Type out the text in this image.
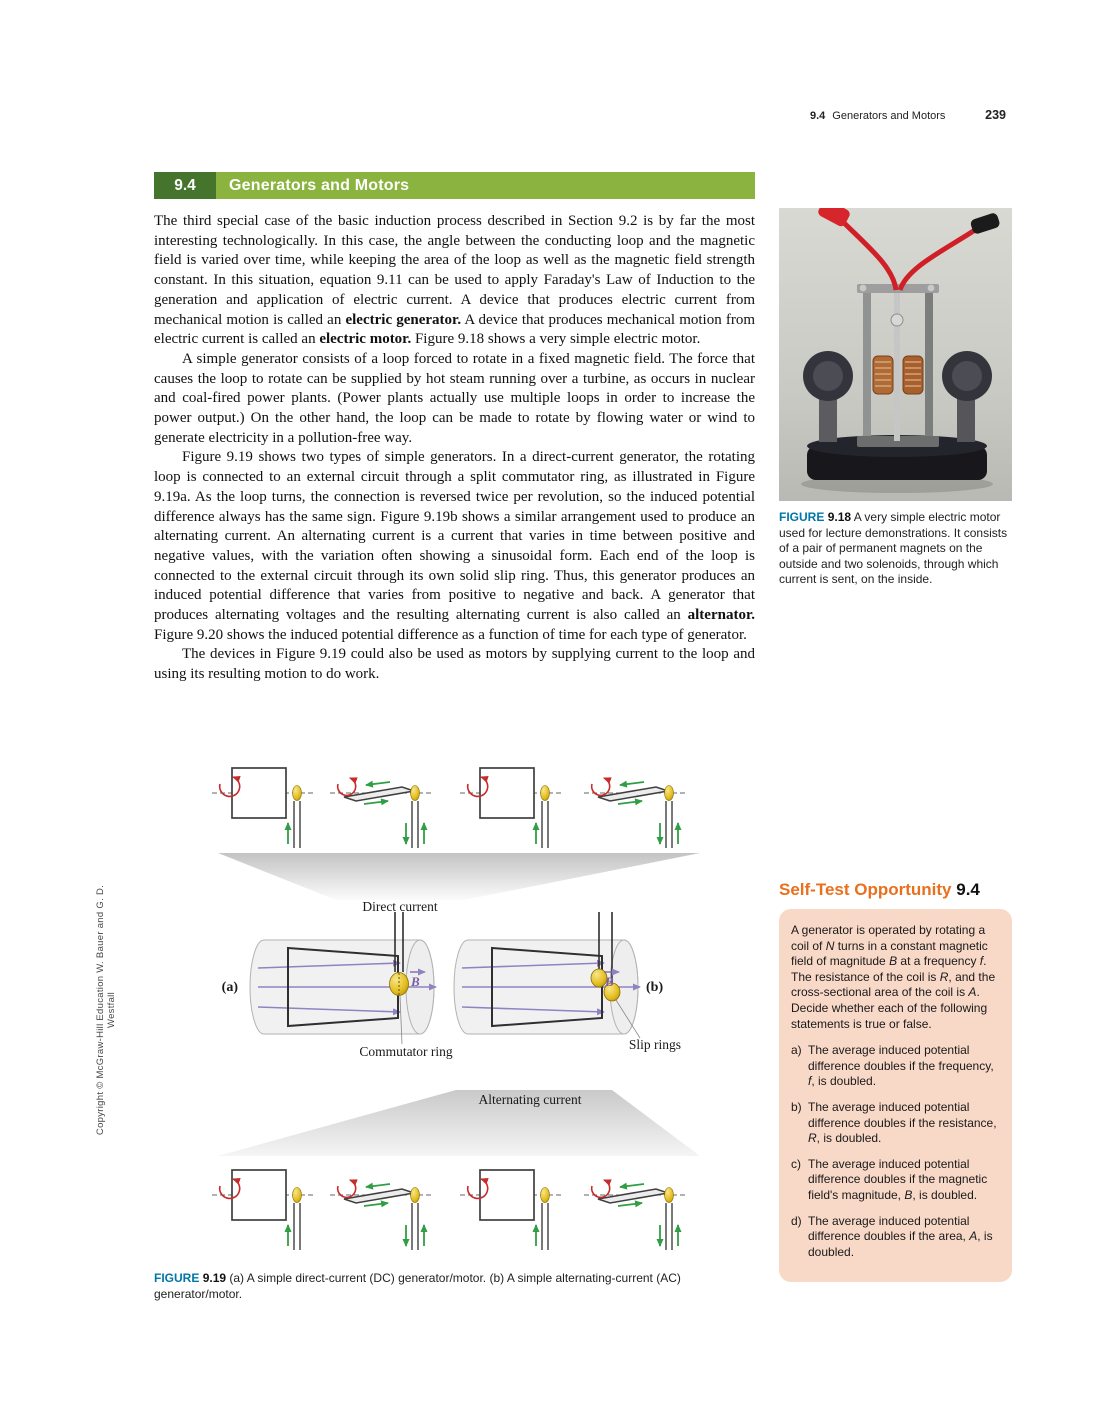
9.4 Generators and Motors	239
9.4	Generators and Motors

The third special case of the basic induction process described in Section 9.2 is by far the most interesting technologically. In this case, the angle between the conducting loop and the magnetic field is varied over time, while keeping the area of the loop as well as the magnetic field strength constant. In this situation, equation 9.11 can be used to apply Faraday's Law of Induction to the generation and application of electric current. A device that produces electric current from mechanical motion is called an electric generator. A device that produces mechanical motion from electric current is called an electric motor. Figure 9.18 shows a very simple electric motor.

A simple generator consists of a loop forced to rotate in a fixed magnetic field. The force that causes the loop to rotate can be supplied by hot steam running over a turbine, as occurs in nuclear and coal-fired power plants. (Power plants actually use multiple loops in order to increase the power output.) On the other hand, the loop can be made to rotate by flowing water or wind to generate electricity in a pollution-free way.

Figure 9.19 shows two types of simple generators. In a direct-current generator, the rotating loop is connected to an external circuit through a split commutator ring, as illustrated in Figure 9.19a. As the loop turns, the connection is reversed twice per revolution, so the induced potential difference always has the same sign. Figure 9.19b shows a similar arrangement used to produce an alternating current. An alternating current is a current that varies in time between positive and negative values, with the variation often showing a sinusoidal form. Each end of the loop is connected to the external circuit through its own solid slip ring. Thus, this generator produces an induced potential difference that varies from positive to negative and back. A generator that produces alternating voltages and the resulting alternating current is also called an alternator. Figure 9.20 shows the induced potential difference as a function of time for each type of generator.

The devices in Figure 9.19 could also be used as motors by supplying current to the loop and using its resulting motion to do work.

FIGURE 9.18 A very simple electric motor used for lecture demonstrations. It consists of a pair of permanent magnets on the outside and two solenoids, through which current is sent, on the inside.

Self-Test Opportunity 9.4

A generator is operated by rotating a coil of N turns in a constant magnetic field of magnitude B at a frequency f. The resistance of the coil is R, and the cross-sectional area of the coil is A. Decide whether each of the following statements is true or false.

a) The average induced potential difference doubles if the frequency, f, is doubled.
b) The average induced potential difference doubles if the resistance, R, is doubled.
c) The average induced potential difference doubles if the magnetic field's magnitude, B, is doubled.
d) The average induced potential difference doubles if the area, A, is doubled.
Direct current
(a)	B	(b)
B
Commutator ring	Slip rings
Alternating current

FIGURE 9.19 (a) A simple direct-current (DC) generator/motor. (b) A simple alternating-current (AC) generator/motor.

Copyright © McGraw-Hill Education W. Bauer and G. D. Westfall
